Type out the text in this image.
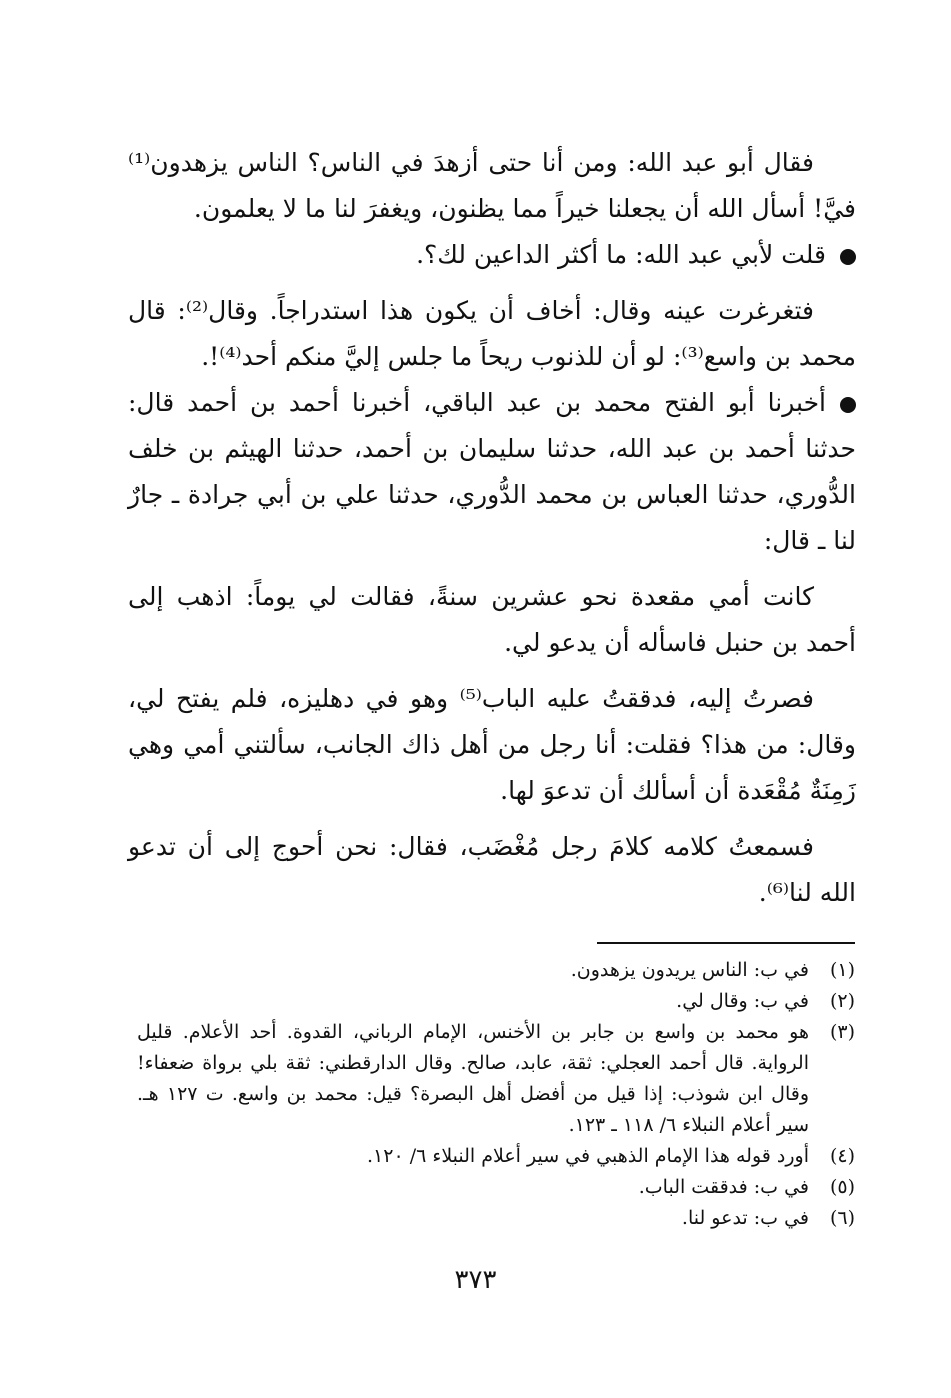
فقال أبو عبد الله: ومن أنا حتى أزهدَ في الناس؟ الناس يزهدون⁽¹⁾ فيَّ! أسأل الله أن يجعلنا خيراً مما يظنون، ويغفرَ لنا ما لا يعلمون.

قلت لأبي عبد الله: ما أكثر الداعين لك؟.

فتغرغرت عينه وقال: أخاف أن يكون هذا استدراجاً. وقال⁽²⁾: قال محمد بن واسع⁽³⁾: لو أن للذنوب ريحاً ما جلس إليَّ منكم أحد⁽⁴⁾!.

أخبرنا أبو الفتح محمد بن عبد الباقي، أخبرنا أحمد بن أحمد قال: حدثنا أحمد بن عبد الله، حدثنا سليمان بن أحمد، حدثنا الهيثم بن خلف الدُّوري، حدثنا العباس بن محمد الدُّوري، حدثنا علي بن أبي جرادة ـ جارٌ لنا ـ قال:

كانت أمي مقعدة نحو عشرين سنةً، فقالت لي يوماً: اذهب إلى أحمد بن حنبل فاسأله أن يدعو لي.

فصرتُ إليه، فدققتُ عليه الباب⁽⁵⁾ وهو في دهليزه، فلم يفتح لي، وقال: من هذا؟ فقلت: أنا رجل من أهل ذاك الجانب، سألتني أمي وهي زَمِنَةٌ مُقْعَدة أن أسألك أن تدعوَ لها.

فسمعتُ كلامه كلامَ رجل مُغْضَب، فقال: نحن أحوج إلى أن تدعو الله لنا⁽⁶⁾.

(١)
في ب: الناس يريدون يزهدون.

(٢)
في ب: وقال لي.

(٣)
هو محمد بن واسع بن جابر بن الأخنس، الإمام الرباني، القدوة. أحد الأعلام. قليل الرواية. قال أحمد العجلي: ثقة، عابد، صالح. وقال الدارقطني: ثقة بلي برواة ضعفاء! وقال ابن شوذب: إذا قيل من أفضل أهل البصرة؟ قيل: محمد بن واسع. ت ١٢٧ هـ. سير أعلام النبلاء ٦/ ١١٨ ـ ١٢٣.

(٤)
أورد قوله هذا الإمام الذهبي في سير أعلام النبلاء ٦/ ١٢٠.

(٥)
في ب: فدققت الباب.

(٦)
في ب: تدعو لنا.

٣٧٣
